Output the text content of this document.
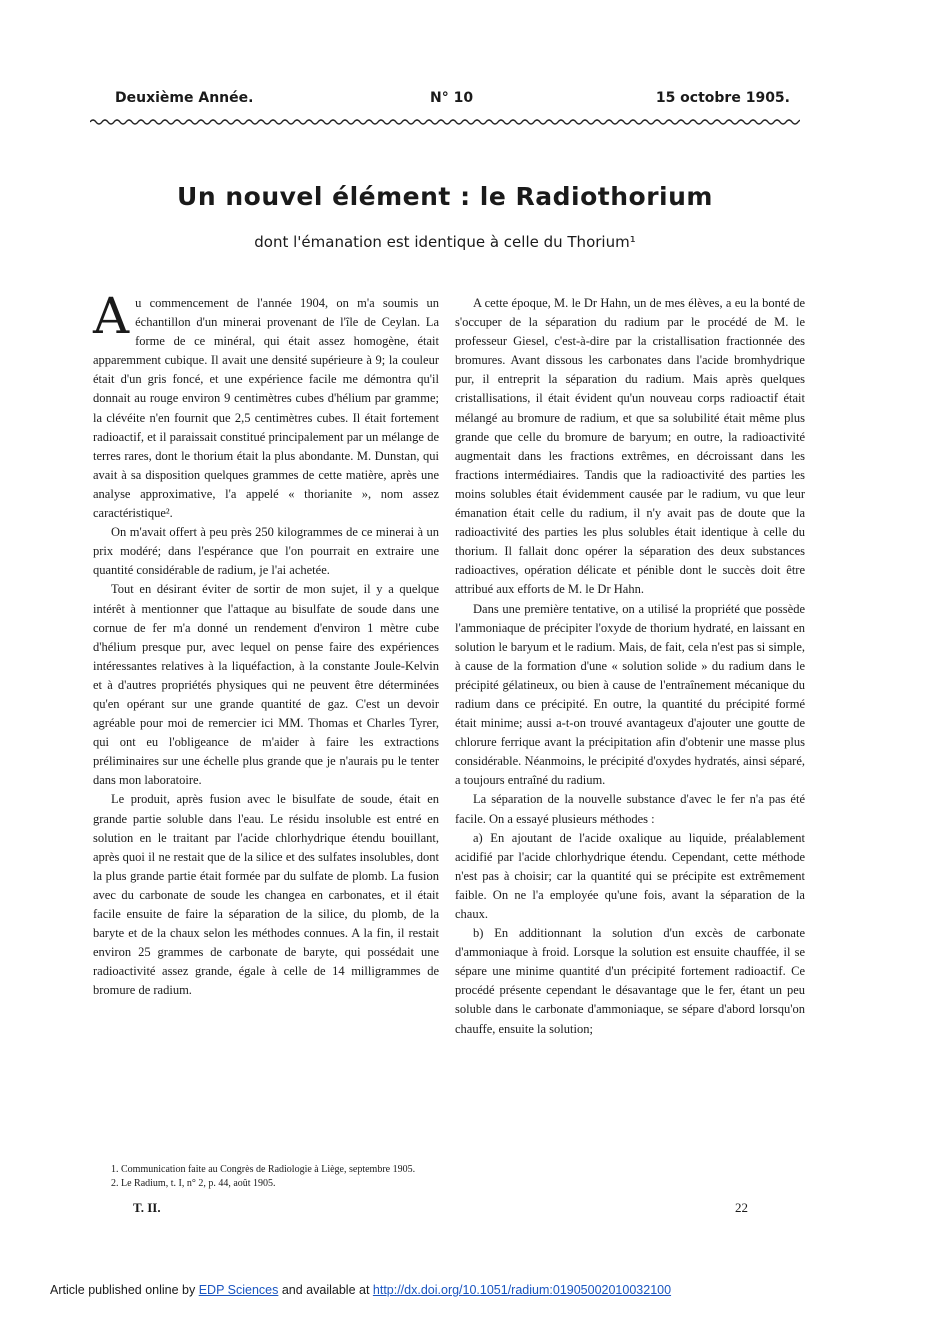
Deuxième Année.	N° 10	15 octobre 1905.
Un nouvel élément : le Radiothorium
dont l'émanation est identique à celle du Thorium¹

Au commencement de l'année 1904, on m'a soumis un échantillon d'un minerai provenant de l'île de Ceylan. La forme de ce minéral, qui était assez homogène, était apparemment cubique. Il avait une densité supérieure à 9; la couleur était d'un gris foncé, et une expérience facile me démontra qu'il donnait au rouge environ 9 centimètres cubes d'hélium par gramme; la clévéite n'en fournit que 2,5 centimètres cubes. Il était fortement radioactif, et il paraissait constitué principalement par un mélange de terres rares, dont le thorium était la plus abondante. M. Dunstan, qui avait à sa disposition quelques grammes de cette matière, après une analyse approximative, l'a appelé « thorianite », nom assez caractéristique².

On m'avait offert à peu près 250 kilogrammes de ce minerai à un prix modéré; dans l'espérance que l'on pourrait en extraire une quantité considérable de radium, je l'ai achetée.

Tout en désirant éviter de sortir de mon sujet, il y a quelque intérêt à mentionner que l'attaque au bisulfate de soude dans une cornue de fer m'a donné un rendement d'environ 1 mètre cube d'hélium presque pur, avec lequel on pense faire des expériences intéressantes relatives à la liquéfaction, à la constante Joule-Kelvin et à d'autres propriétés physiques qui ne peuvent être déterminées qu'en opérant sur une grande quantité de gaz. C'est un devoir agréable pour moi de remercier ici MM. Thomas et Charles Tyrer, qui ont eu l'obligeance de m'aider à faire les extractions préliminaires sur une échelle plus grande que je n'aurais pu le tenter dans mon laboratoire.

Le produit, après fusion avec le bisulfate de soude, était en grande partie soluble dans l'eau. Le résidu insoluble est entré en solution en le traitant par l'acide chlorhydrique étendu bouillant, après quoi il ne restait que de la silice et des sulfates insolubles, dont la plus grande partie était formée par du sulfate de plomb. La fusion avec du carbonate de soude les changea en carbonates, et il était facile ensuite de faire la séparation de la silice, du plomb, de la baryte et de la chaux selon les méthodes connues. A la fin, il restait environ 25 grammes de carbonate de baryte, qui possédait une radioactivité assez grande, égale à celle de 14 milligrammes de bromure de radium.

A cette époque, M. le Dr Hahn, un de mes élèves, a eu la bonté de s'occuper de la séparation du radium par le procédé de M. le professeur Giesel, c'est-à-dire par la cristallisation fractionnée des bromures. Avant dissous les carbonates dans l'acide bromhydrique pur, il entreprit la séparation du radium. Mais après quelques cristallisations, il était évident qu'un nouveau corps radioactif était mélangé au bromure de radium, et que sa solubilité était même plus grande que celle du bromure de baryum; en outre, la radioactivité augmentait dans les fractions extrêmes, en décroissant dans les fractions intermédiaires. Tandis que la radioactivité des parties les moins solubles était évidemment causée par le radium, vu que leur émanation était celle du radium, il n'y avait pas de doute que la radioactivité des parties les plus solubles était identique à celle du thorium. Il fallait donc opérer la séparation des deux substances radioactives, opération délicate et pénible dont le succès doit être attribué aux efforts de M. le Dr Hahn.

Dans une première tentative, on a utilisé la propriété que possède l'ammoniaque de précipiter l'oxyde de thorium hydraté, en laissant en solution le baryum et le radium. Mais, de fait, cela n'est pas si simple, à cause de la formation d'une « solution solide » du radium dans le précipité gélatineux, ou bien à cause de l'entraînement mécanique du radium dans ce précipité. En outre, la quantité du précipité formé était minime; aussi a-t-on trouvé avantageux d'ajouter une goutte de chlorure ferrique avant la précipitation afin d'obtenir une masse plus considérable. Néanmoins, le précipité d'oxydes hydratés, ainsi séparé, a toujours entraîné du radium.

La séparation de la nouvelle substance d'avec le fer n'a pas été facile. On a essayé plusieurs méthodes :

a) En ajoutant de l'acide oxalique au liquide, préalablement acidifié par l'acide chlorhydrique étendu. Cependant, cette méthode n'est pas à choisir; car la quantité qui se précipite est extrêmement faible. On ne l'a employée qu'une fois, avant la séparation de la chaux.

b) En additionnant la solution d'un excès de carbonate d'ammoniaque à froid. Lorsque la solution est ensuite chauffée, il se sépare une minime quantité d'un précipité fortement radioactif. Ce procédé présente cependant le désavantage que le fer, étant un peu soluble dans le carbonate d'ammoniaque, se sépare d'abord lorsqu'on chauffe, ensuite la solution;

1. Communication faite au Congrès de Radiologie à Liège, septembre 1905.

2. Le Radium, t. I, n° 2, p. 44, août 1905.

T. II.	22
Article published online by EDP Sciences and available at http://dx.doi.org/10.1051/radium:01905002010032100
